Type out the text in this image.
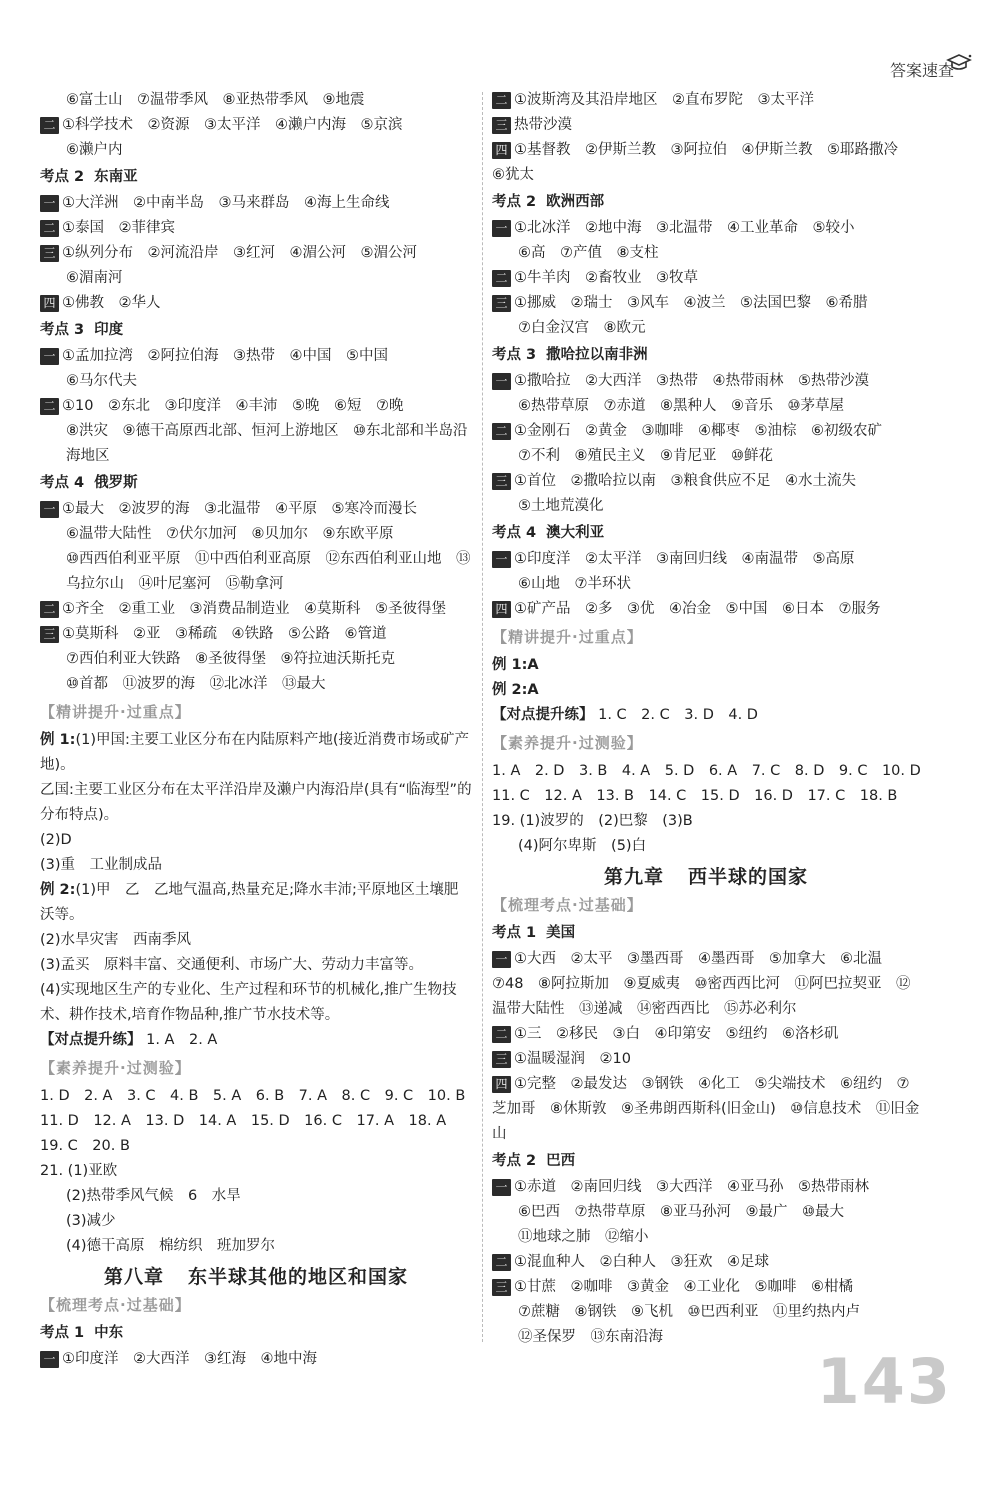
答案速查
⑥富士山　⑦温带季风　⑧亚热带季风　⑨地震
二 ①科学技术　②资源　③太平洋　④濑户内海　⑤京滨
⑥濑户内
考点 2 东南亚
一 ①大洋洲　②中南半岛　③马来群岛　④海上生命线
二 ①泰国　②菲律宾
三 ①纵列分布　②河流沿岸　③红河　④湄公河　⑤湄公河
⑥湄南河
四 ①佛教　②华人
考点 3 印度
一 ①孟加拉湾　②阿拉伯海　③热带　④中国　⑤中国
⑥马尔代夫
二 ①10　②东北　③印度洋　④丰沛　⑤晚　⑥短　⑦晚
⑧洪灾　⑨德干高原西北部、恒河上游地区　⑩东北部和半岛沿海地区
考点 4 俄罗斯
一 ①最大　②波罗的海　③北温带　④平原　⑤寒冷而漫长
⑥温带大陆性　⑦伏尔加河　⑧贝加尔　⑨东欧平原
⑩西西伯利亚平原　⑪中西伯利亚高原　⑫东西伯利亚山地　⑬乌拉尔山　⑭叶尼塞河　⑮勒拿河
二 ①齐全　②重工业　③消费品制造业　④莫斯科　⑤圣彼得堡
三 ①莫斯科　②亚　③稀疏　④铁路　⑤公路　⑥管道
⑦西伯利亚大铁路　⑧圣彼得堡　⑨符拉迪沃斯托克
⑩首都　⑪波罗的海　⑫北冰洋　⑬最大
【精讲提升·过重点】
例 1:(1)甲国:主要工业区分布在内陆原料产地(接近消费市场或矿产地)。
乙国:主要工业区分布在太平洋沿岸及濑户内海沿岸(具有“临海型”的分布特点)。
(2)D
(3)重　工业制成品
例 2:(1)甲　乙　乙地气温高,热量充足;降水丰沛;平原地区土壤肥沃等。
(2)水旱灾害　西南季风
(3)孟买　原料丰富、交通便利、市场广大、劳动力丰富等。
(4)实现地区生产的专业化、生产过程和环节的机械化,推广生物技术、耕作技术,培育作物品种,推广节水技术等。
【对点提升练】 1. A　2. A
【素养提升·过测验】
1. D　2. A　3. C　4. B　5. A　6. B　7. A　8. C　9. C　10. B
11. D　12. A　13. D　14. A　15. D　16. C　17. A　18. A
19. C　20. B
21. (1)亚欧
(2)热带季风气候　6　水旱
(3)减少
(4)德干高原　棉纺织　班加罗尔
第八章 东半球其他的地区和国家
【梳理考点·过基础】
考点 1 中东
一 ①印度洋　②大西洋　③红海　④地中海
二 ①波斯湾及其沿岸地区　②直布罗陀　③太平洋
三 热带沙漠
四 ①基督教　②伊斯兰教　③阿拉伯　④伊斯兰教　⑤耶路撒冷　⑥犹太
考点 2 欧洲西部
一 ①北冰洋　②地中海　③北温带　④工业革命　⑤较小
⑥高　⑦产值　⑧支柱
二 ①牛羊肉　②畜牧业　③牧草
三 ①挪威　②瑞士　③风车　④波兰　⑤法国巴黎　⑥希腊
⑦白金汉宫　⑧欧元
考点 3 撒哈拉以南非洲
一 ①撒哈拉　②大西洋　③热带　④热带雨林　⑤热带沙漠
⑥热带草原　⑦赤道　⑧黑种人　⑨音乐　⑩茅草屋
二 ①金刚石　②黄金　③咖啡　④椰枣　⑤油棕　⑥初级农矿
⑦不利　⑧殖民主义　⑨肯尼亚　⑩鲜花
三 ①首位　②撒哈拉以南　③粮食供应不足　④水土流失
⑤土地荒漠化
考点 4 澳大利亚
一 ①印度洋　②太平洋　③南回归线　④南温带　⑤高原
⑥山地　⑦半环状
四 ①矿产品　②多　③优　④冶金　⑤中国　⑥日本　⑦服务
【精讲提升·过重点】
例 1:A
例 2:A
【对点提升练】 1. C　2. C　3. D　4. D
【素养提升·过测验】
1. A　2. D　3. B　4. A　5. D　6. A　7. C　8. D　9. C　10. D
11. C　12. A　13. B　14. C　15. D　16. D　17. C　18. B
19. (1)波罗的　(2)巴黎　(3)B
(4)阿尔卑斯　(5)白
第九章 西半球的国家
【梳理考点·过基础】
考点 1 美国
一 ①大西　②太平　③墨西哥　④墨西哥　⑤加拿大　⑥北温　⑦48　⑧阿拉斯加　⑨夏威夷　⑩密西西比河　⑪阿巴拉契亚　⑫温带大陆性　⑬递减　⑭密西西比　⑮苏必利尔
二 ①三　②移民　③白　④印第安　⑤纽约　⑥洛杉矶
三 ①温暖湿润　②10
四 ①完整　②最发达　③钢铁　④化工　⑤尖端技术　⑥纽约　⑦芝加哥　⑧休斯敦　⑨圣弗朗西斯科(旧金山)　⑩信息技术　⑪旧金山
考点 2 巴西
一 ①赤道　②南回归线　③大西洋　④亚马孙　⑤热带雨林
⑥巴西　⑦热带草原　⑧亚马孙河　⑨最广　⑩最大
⑪地球之肺　⑫缩小
二 ①混血种人　②白种人　③狂欢　④足球
三 ①甘蔗　②咖啡　③黄金　④工业化　⑤咖啡　⑥柑橘
⑦蔗糖　⑧钢铁　⑨飞机　⑩巴西利亚　⑪里约热内卢
⑫圣保罗　⑬东南沿海
143
